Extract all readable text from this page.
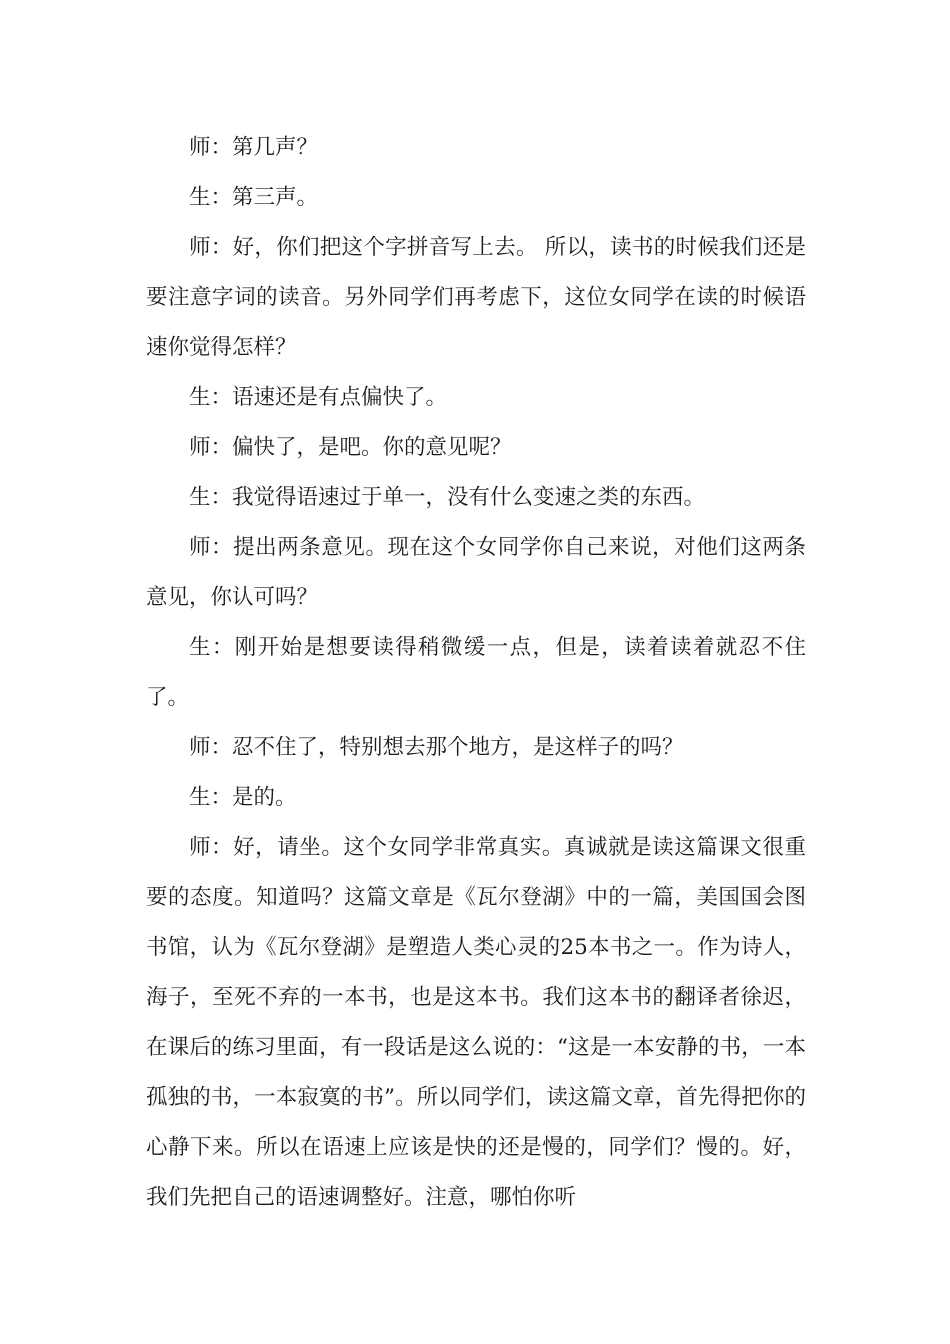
师：第几声？

生：第三声。

师：好，你们把这个字拼音写上去。 所以，读书的时候我们还是要注意字词的读音。另外同学们再考虑下，这位女同学在读的时候语速你觉得怎样？

生：语速还是有点偏快了。

师：偏快了，是吧。你的意见呢？

生：我觉得语速过于单一，没有什么变速之类的东西。

师：提出两条意见。现在这个女同学你自己来说，对他们这两条意见，你认可吗？

生：刚开始是想要读得稍微缓一点，但是，读着读着就忍不住了。

师：忍不住了，特别想去那个地方，是这样子的吗？

生：是的。

师：好，请坐。这个女同学非常真实。真诚就是读这篇课文很重要的态度。知道吗？这篇文章是《瓦尔登湖》中的一篇，美国国会图书馆，认为《瓦尔登湖》是塑造人类心灵的25本书之一。作为诗人，海子，至死不弃的一本书，也是这本书。我们这本书的翻译者徐迟，在课后的练习里面，有一段话是这么说的：“这是一本安静的书，一本孤独的书，一本寂寞的书”。所以同学们，读这篇文章，首先得把你的心静下来。所以在语速上应该是快的还是慢的，同学们？慢的。好，我们先把自己的语速调整好。注意，哪怕你听
